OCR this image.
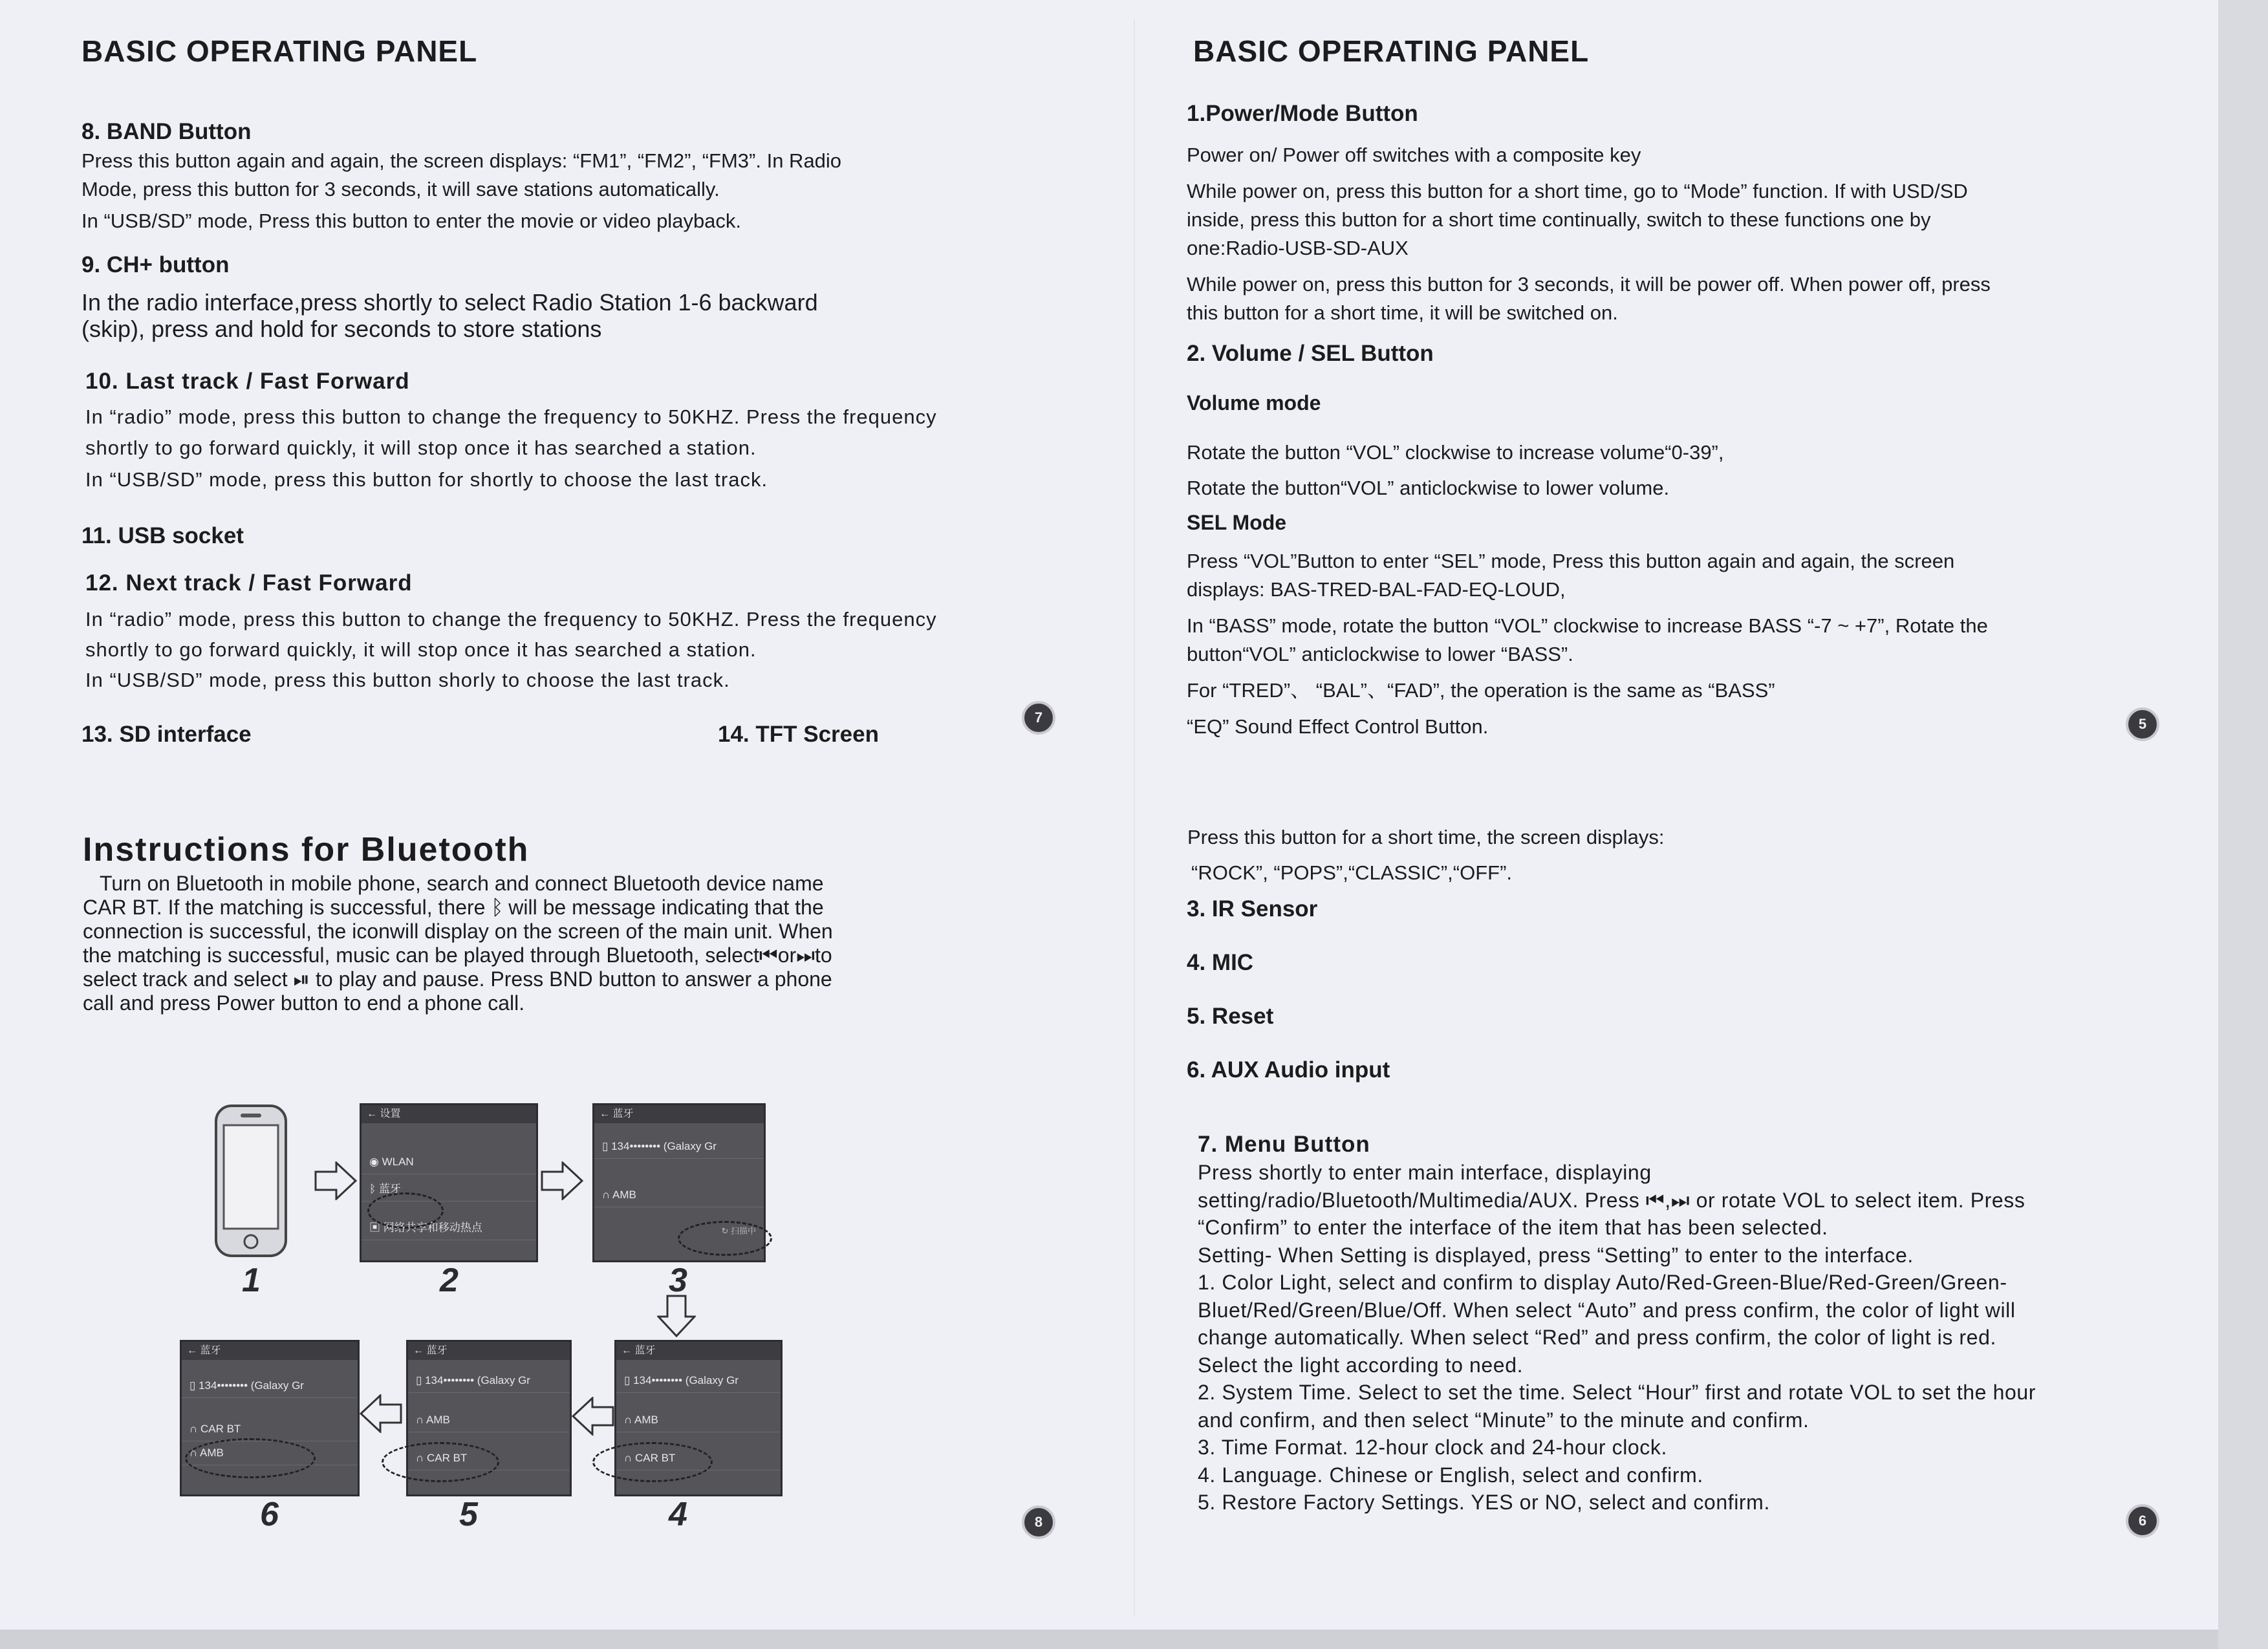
BASIC OPERATING PANEL

8. BAND Button

Press this button again and again, the screen displays: “FM1”, “FM2”, “FM3”. In Radio

Mode, press this button for 3 seconds, it will save stations automatically.

In “USB/SD” mode, Press this button to enter the movie or video playback.

9. CH+ button

In the radio interface,press shortly to select Radio Station 1-6 backward

(skip), press and hold for seconds to store stations

10. Last track / Fast Forward

In “radio” mode, press this button to change the frequency to 50KHZ. Press the frequency

shortly to go forward quickly, it will stop once it has searched a station.

In “USB/SD” mode, press this button for shortly to choose the last track.

11. USB socket

12. Next track / Fast Forward

In “radio” mode, press this button to change the frequency to 50KHZ. Press the frequency

shortly to go forward quickly, it will stop once it has searched a station.

In “USB/SD” mode, press this button shorly to choose the last track.

13. SD interface	14. TFT Screen

7
BASIC OPERATING PANEL

1.Power/Mode Button

Power on/ Power off switches with a composite key

While power on, press this button for a short time, go to “Mode” function. If with USD/SD

inside, press this button for a short time continually, switch to these functions one by

one:Radio-USB-SD-AUX

While power on, press this button for 3 seconds, it will be power off. When power off, press

this button for a short time, it will be switched on.

2. Volume / SEL Button

Volume mode

Rotate the button “VOL” clockwise to increase volume“0-39”,

Rotate the button“VOL” anticlockwise to lower volume.

SEL Mode

Press “VOL”Button to enter “SEL” mode, Press this button again and again, the screen

displays: BAS-TRED-BAL-FAD-EQ-LOUD,

In “BASS” mode, rotate the button “VOL” clockwise to increase BASS “-7 ~ +7”, Rotate the

button“VOL” anticlockwise to lower “BASS”.

For “TRED”、 “BAL”、“FAD”, the operation is the same as “BASS”

“EQ” Sound Effect Control Button.	5
Instructions for Bluetooth

Turn on Bluetooth in mobile phone, search and connect Bluetooth device name

CAR BT. If the matching is successful, there ᛒ will be message indicating that the

connection is successful, the iconwill display on the screen of the main unit. When

the matching is successful, music can be played through Bluetooth, select⏮or⏭to

select track and select ⏯ to play and pause. Press BND button to answer a phone

call and press Power button to end a phone call.

1
← 设置
◉ WLAN
ᛒ 蓝牙
▣ 网络共享和移动热点
2
← 蓝牙
▯ 134•••••••• (Galaxy Gr
∩ AMB
↻ 扫描中
3
← 蓝牙
▯ 134•••••••• (Galaxy Gr
∩ AMB
∩ CAR BT
4
← 蓝牙
▯ 134•••••••• (Galaxy Gr
∩ AMB
∩ CAR BT
5
← 蓝牙
▯ 134•••••••• (Galaxy Gr
∩ CAR BT
∩ AMB
6	8

Press this button for a short time, the screen displays:

“ROCK”, “POPS”,“CLASSIC”,“OFF”.

3. IR Sensor

4. MIC

5. Reset

6. AUX Audio input

7. Menu Button

Press shortly to enter main interface, displaying
setting/radio/Bluetooth/Multimedia/AUX. Press ⏮,⏭ or rotate VOL to select item. Press
“Confirm” to enter the interface of the item that has been selected.
Setting- When Setting is displayed, press “Setting” to enter to the interface.
1. Color Light, select and confirm to display Auto/Red-Green-Blue/Red-Green/Green-
Bluet/Red/Green/Blue/Off. When select “Auto” and press confirm, the color of light will
change automatically. When select “Red” and press confirm, the color of light is red.
Select the light according to need.
2. System Time. Select to set the time. Select “Hour” first and rotate VOL to set the hour
and confirm, and then select “Minute” to the minute and confirm.
3. Time Format. 12-hour clock and 24-hour clock.
4. Language. Chinese or English, select and confirm.
5. Restore Factory Settings. YES or NO, select and confirm.
6
